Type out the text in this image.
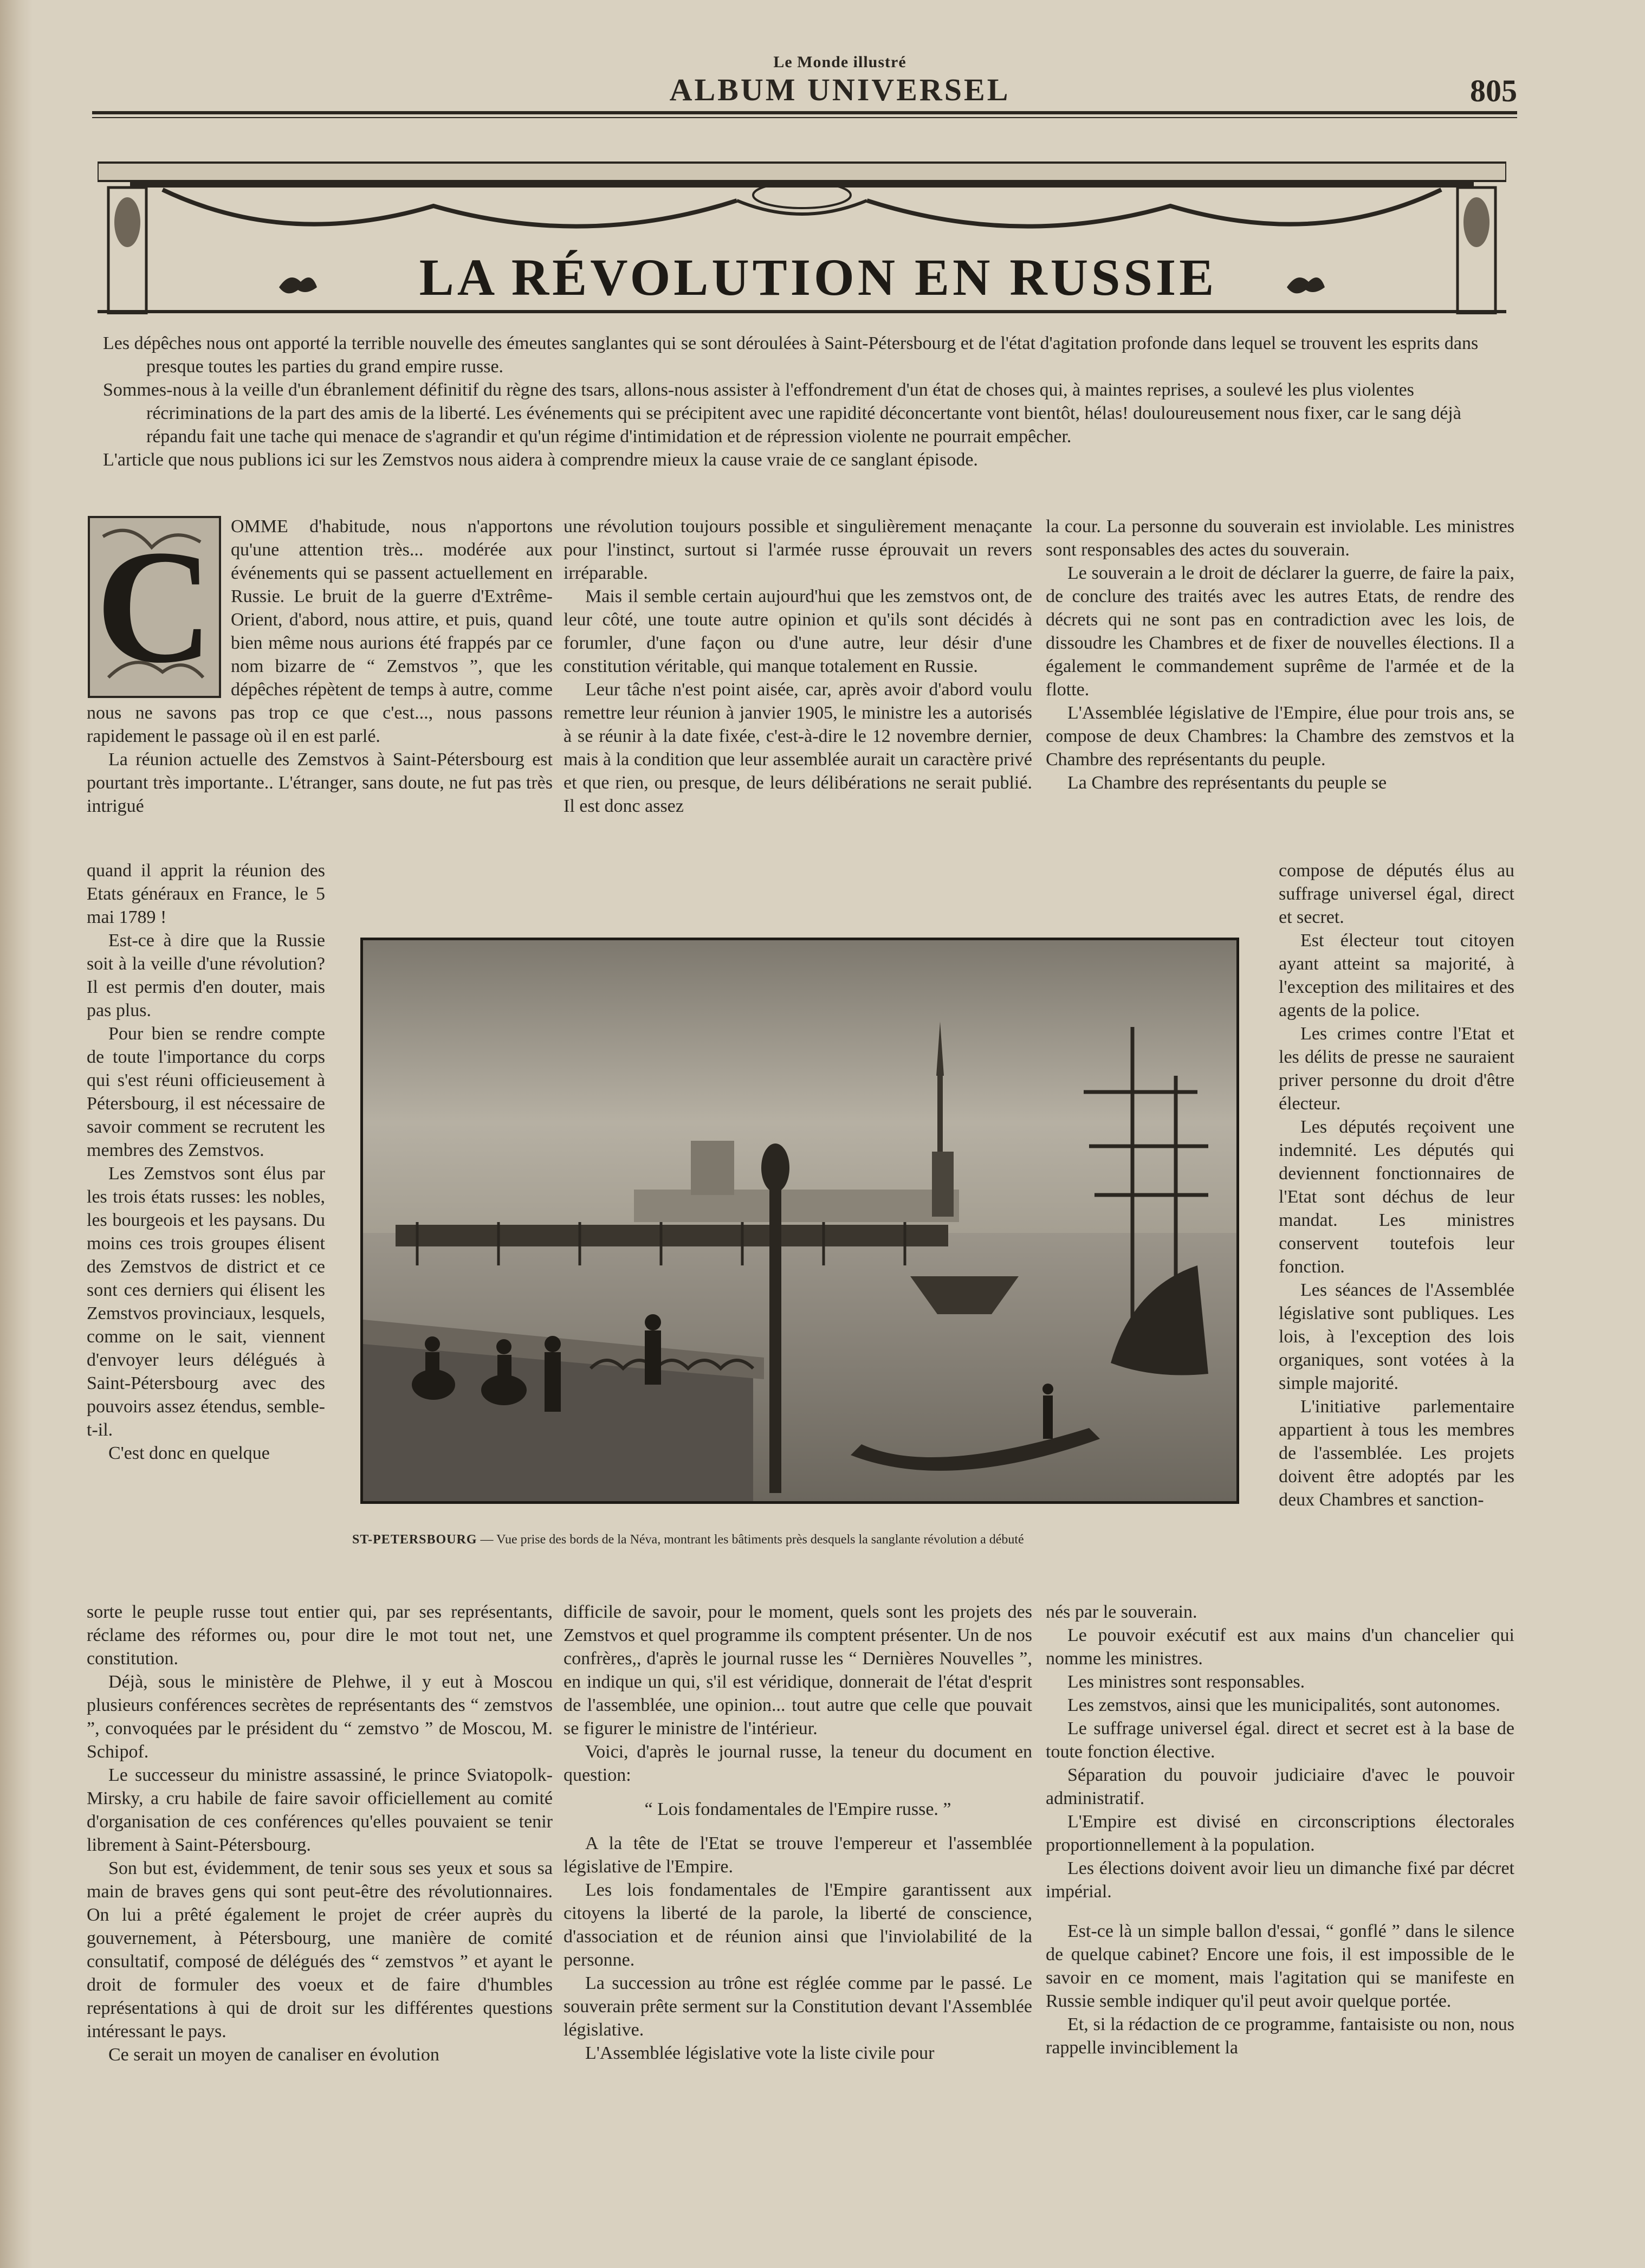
Le Monde illustré
ALBUM UNIVERSEL	805
LA RÉVOLUTION EN RUSSIE

Les dépêches nous ont apporté la terrible nouvelle des émeutes sanglantes qui se sont déroulées à Saint-Pétersbourg et de l'état d'agitation profonde dans lequel se trouvent les esprits dans presque toutes les parties du grand empire russe.

Sommes-nous à la veille d'un ébranlement définitif du règne des tsars, allons-nous assister à l'effondrement d'un état de choses qui, à maintes reprises, a soulevé les plus violentes récriminations de la part des amis de la liberté. Les événements qui se précipitent avec une rapidité déconcertante vont bientôt, hélas! douloureusement nous fixer, car le sang déjà répandu fait une tache qui menace de s'agrandir et qu'un régime d'intimidation et de répression violente ne pourrait empêcher.

L'article que nous publions ici sur les Zemstvos nous aidera à comprendre mieux la cause vraie de ce sanglant épisode.

C OMME d'habitude, nous n'apportons qu'une attention très... modérée aux événements qui se passent actuellement en Russie. Le bruit de la guerre d'Extrême-Orient, d'abord, nous attire, et puis, quand bien même nous aurions été frappés par ce nom bizarre de “ Zemstvos ”, que les dépêches répètent de temps à autre, comme nous ne savons pas trop ce que c'est..., nous passons rapidement le passage où il en est parlé.

La réunion actuelle des Zemstvos à Saint-Pétersbourg est pourtant très importante.. L'étranger, sans doute, ne fut pas très intrigué

quand il apprit la réunion des Etats généraux en France, le 5 mai 1789 !

Est-ce à dire que la Russie soit à la veille d'une révolution? Il est permis d'en douter, mais pas plus.

Pour bien se rendre compte de toute l'importance du corps qui s'est réuni officieusement à Pétersbourg, il est nécessaire de savoir comment se recrutent les membres des Zemstvos.

Les Zemstvos sont élus par les trois états russes: les nobles, les bourgeois et les paysans. Du moins ces trois groupes élisent des Zemstvos de district et ce sont ces derniers qui élisent les Zemstvos provinciaux, lesquels, comme on le sait, viennent d'envoyer leurs délégués à Saint-Pétersbourg avec des pouvoirs assez étendus, semble-t-il.

C'est donc en quelque

sorte le peuple russe tout entier qui, par ses représentants, réclame des réformes ou, pour dire le mot tout net, une constitution.

Déjà, sous le ministère de Plehwe, il y eut à Moscou plusieurs conférences secrètes de représentants des “ zemstvos ”, convoquées par le président du “ zemstvo ” de Moscou, M. Schipof.

Le successeur du ministre assassiné, le prince Sviatopolk-Mirsky, a cru habile de faire savoir officiellement au comité d'organisation de ces conférences qu'elles pouvaient se tenir librement à Saint-Pétersbourg.

Son but est, évidemment, de tenir sous ses yeux et sous sa main de braves gens qui sont peut-être des révolutionnaires. On lui a prêté également le projet de créer auprès du gouvernement, à Pétersbourg, une manière de comité consultatif, composé de délégués des “ zemstvos ” et ayant le droit de formuler des voeux et de faire d'humbles représentations à qui de droit sur les différentes questions intéressant le pays.

Ce serait un moyen de canaliser en évolution

une révolution toujours possible et singulièrement menaçante pour l'instinct, surtout si l'armée russe éprouvait un revers irréparable.

Mais il semble certain aujourd'hui que les zemstvos ont, de leur côté, une toute autre opinion et qu'ils sont décidés à forumler, d'une façon ou d'une autre, leur désir d'une constitution véritable, qui manque totalement en Russie.

Leur tâche n'est point aisée, car, après avoir d'abord voulu remettre leur réunion à janvier 1905, le ministre les a autorisés à se réunir à la date fixée, c'est-à-dire le 12 novembre dernier, mais à la condition que leur assemblée aurait un caractère privé et que rien, ou presque, de leurs délibérations ne serait publié. Il est donc assez

difficile de savoir, pour le moment, quels sont les projets des Zemstvos et quel programme ils comptent présenter. Un de nos confrères,, d'après le journal russe les “ Dernières Nouvelles ”, en indique un qui, s'il est véridique, donnerait de l'état d'esprit de l'assemblée, une opinion... tout autre que celle que pouvait se figurer le ministre de l'intérieur.

Voici, d'après le journal russe, la teneur du document en question:

“ Lois fondamentales de l'Empire russe. ”

A la tête de l'Etat se trouve l'empereur et l'assemblée législative de l'Empire.

Les lois fondamentales de l'Empire garantissent aux citoyens la liberté de la parole, la liberté de conscience, d'association et de réunion ainsi que l'inviolabilité de la personne.

La succession au trône est réglée comme par le passé. Le souverain prête serment sur la Constitution devant l'Assemblée législative.

L'Assemblée législative vote la liste civile pour

la cour. La personne du souverain est inviolable. Les ministres sont responsables des actes du souverain.

Le souverain a le droit de déclarer la guerre, de faire la paix, de conclure des traités avec les autres Etats, de rendre des décrets qui ne sont pas en contradiction avec les lois, de dissoudre les Chambres et de fixer de nouvelles élections. Il a également le commandement suprême de l'armée et de la flotte.

L'Assemblée législative de l'Empire, élue pour trois ans, se compose de deux Chambres: la Chambre des zemstvos et la Chambre des représentants du peuple.

La Chambre des représentants du peuple se

compose de députés élus au suffrage universel égal, direct et secret.

Est électeur tout citoyen ayant atteint sa majorité, à l'exception des militaires et des agents de la police.

Les crimes contre l'Etat et les délits de presse ne sauraient priver personne du droit d'être électeur.

Les députés reçoivent une indemnité. Les députés qui deviennent fonctionnaires de l'Etat sont déchus de leur mandat. Les ministres conservent toutefois leur fonction.

Les séances de l'Assemblée législative sont publiques. Les lois, à l'exception des lois organiques, sont votées à la simple majorité.

L'initiative parlementaire appartient à tous les membres de l'assemblée. Les projets doivent être adoptés par les deux Chambres et sanction-

nés par le souverain.

Le pouvoir exécutif est aux mains d'un chancelier qui nomme les ministres.

Les ministres sont responsables.

Les zemstvos, ainsi que les municipalités, sont autonomes.

Le suffrage universel égal. direct et secret est à la base de toute fonction élective.

Séparation du pouvoir judiciaire d'avec le pouvoir administratif.

L'Empire est divisé en circonscriptions électorales proportionnellement à la population.

Les élections doivent avoir lieu un dimanche fixé par décret impérial.

Est-ce là un simple ballon d'essai, “ gonflé ” dans le silence de quelque cabinet? Encore une fois, il est impossible de le savoir en ce moment, mais l'agitation qui se manifeste en Russie semble indiquer qu'il peut avoir quelque portée.

Et, si la rédaction de ce programme, fantaisiste ou non, nous rappelle invinciblement la

ST-PETERSBOURG — Vue prise des bords de la Néva, montrant les bâtiments près desquels la sanglante révolution a débuté
